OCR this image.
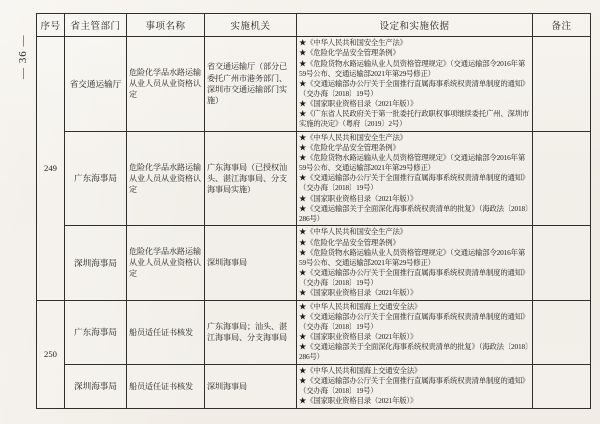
— 36 —
序号	省主管部门	事项名称	实施机关	设定和实施依据	备注
249	省交通运输厅	危险化学品水路运输从业人员从业资格认定	省交通运输厅（部分已委托广州市港务部门、深圳市交通运输部门实施）	
★《中华人民共和国安全生产法》
★《危险化学品安全管理条例》
★《危险货物水路运输从业人员资格管理规定》（交通运输部令2016年第59号公布、交通运输部2021年第29号修正）
★《交通运输部办公厅关于全面推行直属海事系统权责清单制度的通知》（交办海〔2018〕19号）
★《国家职业资格目录（2021年版）》
★《广东省人民政府关于第一批委托行政职权事项继续委托广州、深圳市实施的决定》（粤府〔2019〕2号）

广东海事局	危险化学品水路运输从业人员从业资格认定	广东海事局（已授权汕头、湛江海事局、分支海事局实施）	
★《中华人民共和国安全生产法》
★《危险化学品安全管理条例》
★《危险货物水路运输从业人员资格管理规定》（交通运输部令2016年第59号公布、交通运输部2021年第29号修正）
★《交通运输部办公厅关于全面推行直属海事系统权责清单制度的通知》（交办海〔2018〕19号）
★《国家职业资格目录（2021年版）》
★《交通运输部关于全面深化海事系统权责清单的批复》（海政法〔2018〕286号）

深圳海事局	危险化学品水路运输从业人员从业资格认定	深圳海事局	
★《中华人民共和国安全生产法》
★《危险化学品安全管理条例》
★《危险货物水路运输从业人员资格管理规定》（交通运输部令2016年第59号公布、交通运输部2021年第29号修正）
★《交通运输部办公厅关于全面推行直属海事系统权责清单制度的通知》（交办海〔2018〕19号）
★《国家职业资格目录（2021年版）》

250	广东海事局	船员适任证书核发	广东海事局；汕头、湛江海事局、分支海事局	
★《中华人民共和国海上交通安全法》
★《交通运输部办公厅关于全面推行直属海事系统权责清单制度的通知》（交办海〔2018〕19号）
★《国家职业资格目录（2021年版）》
★《交通运输部关于全面深化海事系统权责清单的批复》（海政法〔2018〕286号）

深圳海事局	船员适任证书核发	深圳海事局	
★《中华人民共和国海上交通安全法》
★《交通运输部办公厅关于全面推行直属海事系统权责清单制度的通知》（交办海〔2018〕19号）
★《国家职业资格目录（2021年版）》
